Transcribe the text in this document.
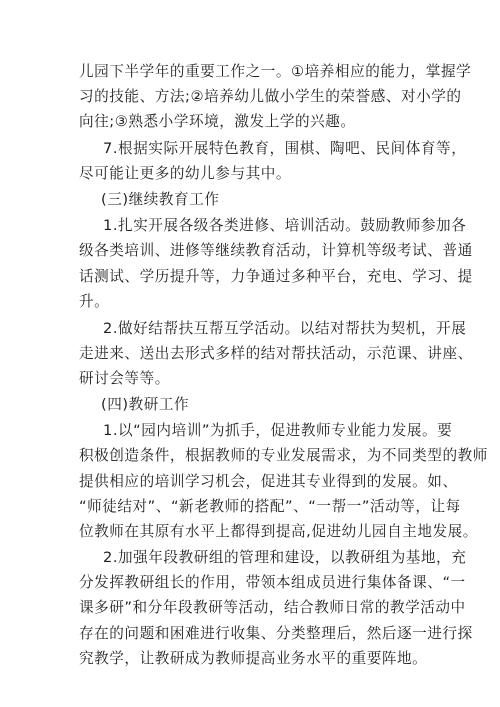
儿园下半学年的重要工作之一。①培养相应的能力，掌握学
习的技能、方法;②培养幼儿做小学生的荣誉感、对小学的
向往;③熟悉小学环境，激发上学的兴趣。
7.根据实际开展特色教育，围棋、陶吧、民间体育等，
尽可能让更多的幼儿参与其中。
(三)继续教育工作
1.扎实开展各级各类进修、培训活动。鼓励教师参加各
级各类培训、进修等继续教育活动，计算机等级考试、普通
话测试、学历提升等，力争通过多种平台，充电、学习、提
升。
2.做好结帮扶互帮互学活动。以结对帮扶为契机，开展
走进来、送出去形式多样的结对帮扶活动，示范课、讲座、
研讨会等等。
(四)教研工作
1.以“园内培训”为抓手，促进教师专业能力发展。要
积极创造条件，根据教师的专业发展需求，为不同类型的教师
提供相应的培训学习机会，促进其专业得到的发展。如、
“师徒结对”、“新老教师的搭配”、“一帮一”活动等，让每
位教师在其原有水平上都得到提高,促进幼儿园自主地发展。
2.加强年段教研组的管理和建设，以教研组为基地，充
分发挥教研组长的作用，带领本组成员进行集体备课、“一
课多研”和分年段教研等活动，结合教师日常的教学活动中
存在的问题和困难进行收集、分类整理后，然后逐一进行探
究教学，让教研成为教师提高业务水平的重要阵地。
